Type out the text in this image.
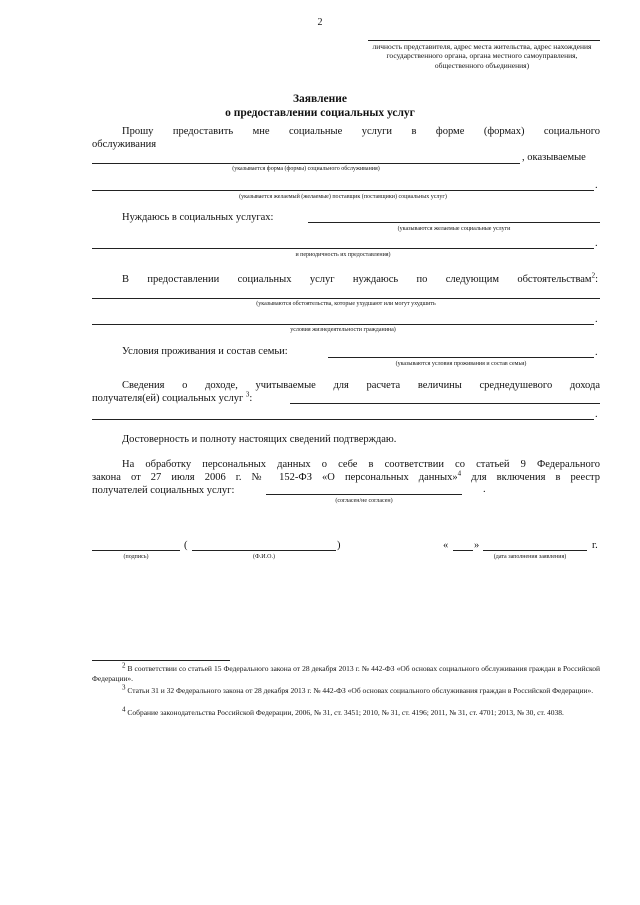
2
личность представителя, адрес места жительства, адрес нахождения государственного органа, органа местного самоуправления, общественного объединения)
Заявление
о предоставлении социальных услуг
Прошу предоставить мне социальные услуги в форме (формах) социального
обслуживания
, оказываемые
(указывается форма (формы) социального обслуживания)
.
(указывается желаемый (желаемые) поставщик (поставщики) социальных услуг)
Нуждаюсь в социальных услугах:
(указываются желаемые социальные услуги
.
и периодичность их предоставления)
В предоставлении социальных услуг нуждаюсь по следующим обстоятельствам$^2$:
(указываются обстоятельства, которые ухудшают или могут ухудшить
.
условия жизнедеятельности гражданина)
Условия проживания и состав семьи:	.
(указываются условия проживания и состав семьи)
Сведения о доходе, учитываемые для расчета величины среднедушевого дохода
получателя(ей) социальных услуг $^3$:
.
Достоверность и полноту настоящих сведений подтверждаю.
На обработку персональных данных о себе в соответствии со статьей 9 Федерального
закона от 27 июля 2006 г. № 152-ФЗ «О персональных данных»$^4$ для включения в реестр
получателей социальных услуг:	.
(согласен/не согласен)
(	)
(подпись)	(Ф.И.О.)
« »	г.
(дата заполнения заявления)
$^2$ В соответствии со статьей 15 Федерального закона от 28 декабря 2013 г. № 442-ФЗ «Об основах социального обслуживания граждан в Российской Федерации».
$^3$ Статьи 31 и 32 Федерального закона от 28 декабря 2013 г. № 442-ФЗ «Об основах социального обслуживания граждан в Российской Федерации».
$^4$ Собрание законодательства Российской Федерации, 2006, № 31, ст. 3451; 2010, № 31, ст. 4196; 2011, № 31, ст. 4701; 2013, № 30, ст. 4038.
